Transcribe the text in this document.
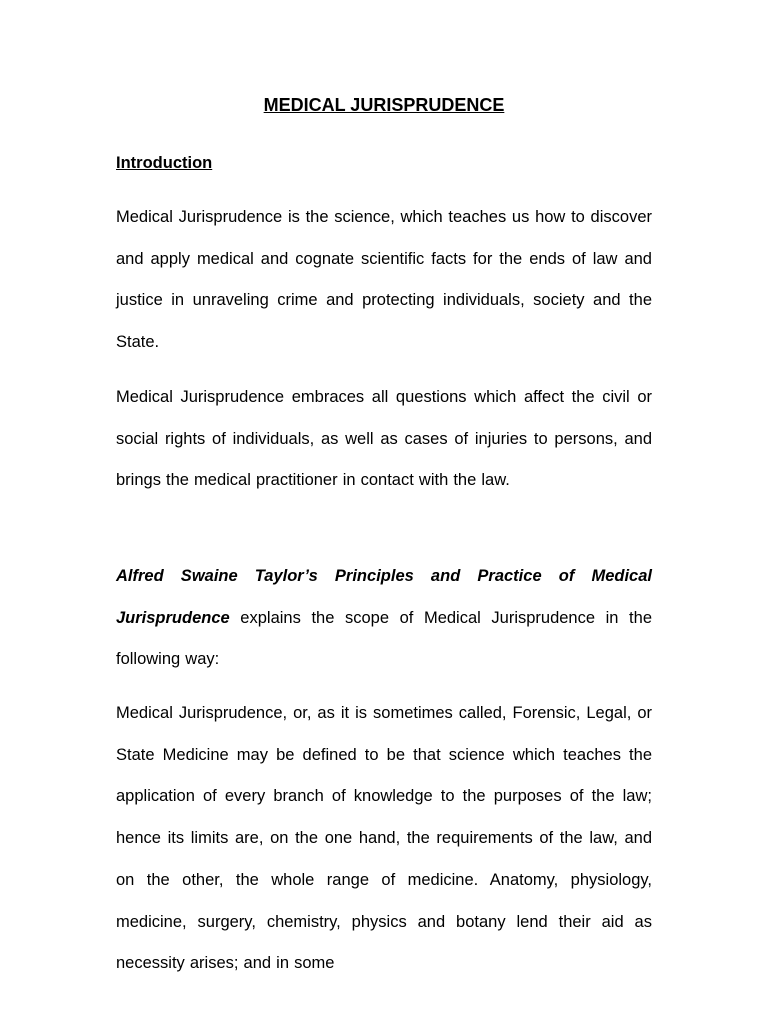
MEDICAL JURISPRUDENCE
Introduction

Medical Jurisprudence is the science, which teaches us how to discover and apply medical and cognate scientific facts for the ends of law and justice in unraveling crime and protecting individuals, society and the State.

Medical Jurisprudence embraces all questions which affect the civil or social rights of individuals, as well as cases of injuries to persons, and brings the medical practitioner in contact with the law.

Alfred Swaine Taylor’s Principles and Practice of Medical Jurisprudence explains the scope of Medical Jurisprudence in the following way:

Medical Jurisprudence, or, as it is sometimes called, Forensic, Legal, or State Medicine may be defined to be that science which teaches the application of every branch of knowledge to the purposes of the law; hence its limits are, on the one hand, the requirements of the law, and on the other, the whole range of medicine. Anatomy, physiology, medicine, surgery, chemistry, physics and botany lend their aid as necessity arises; and in some
